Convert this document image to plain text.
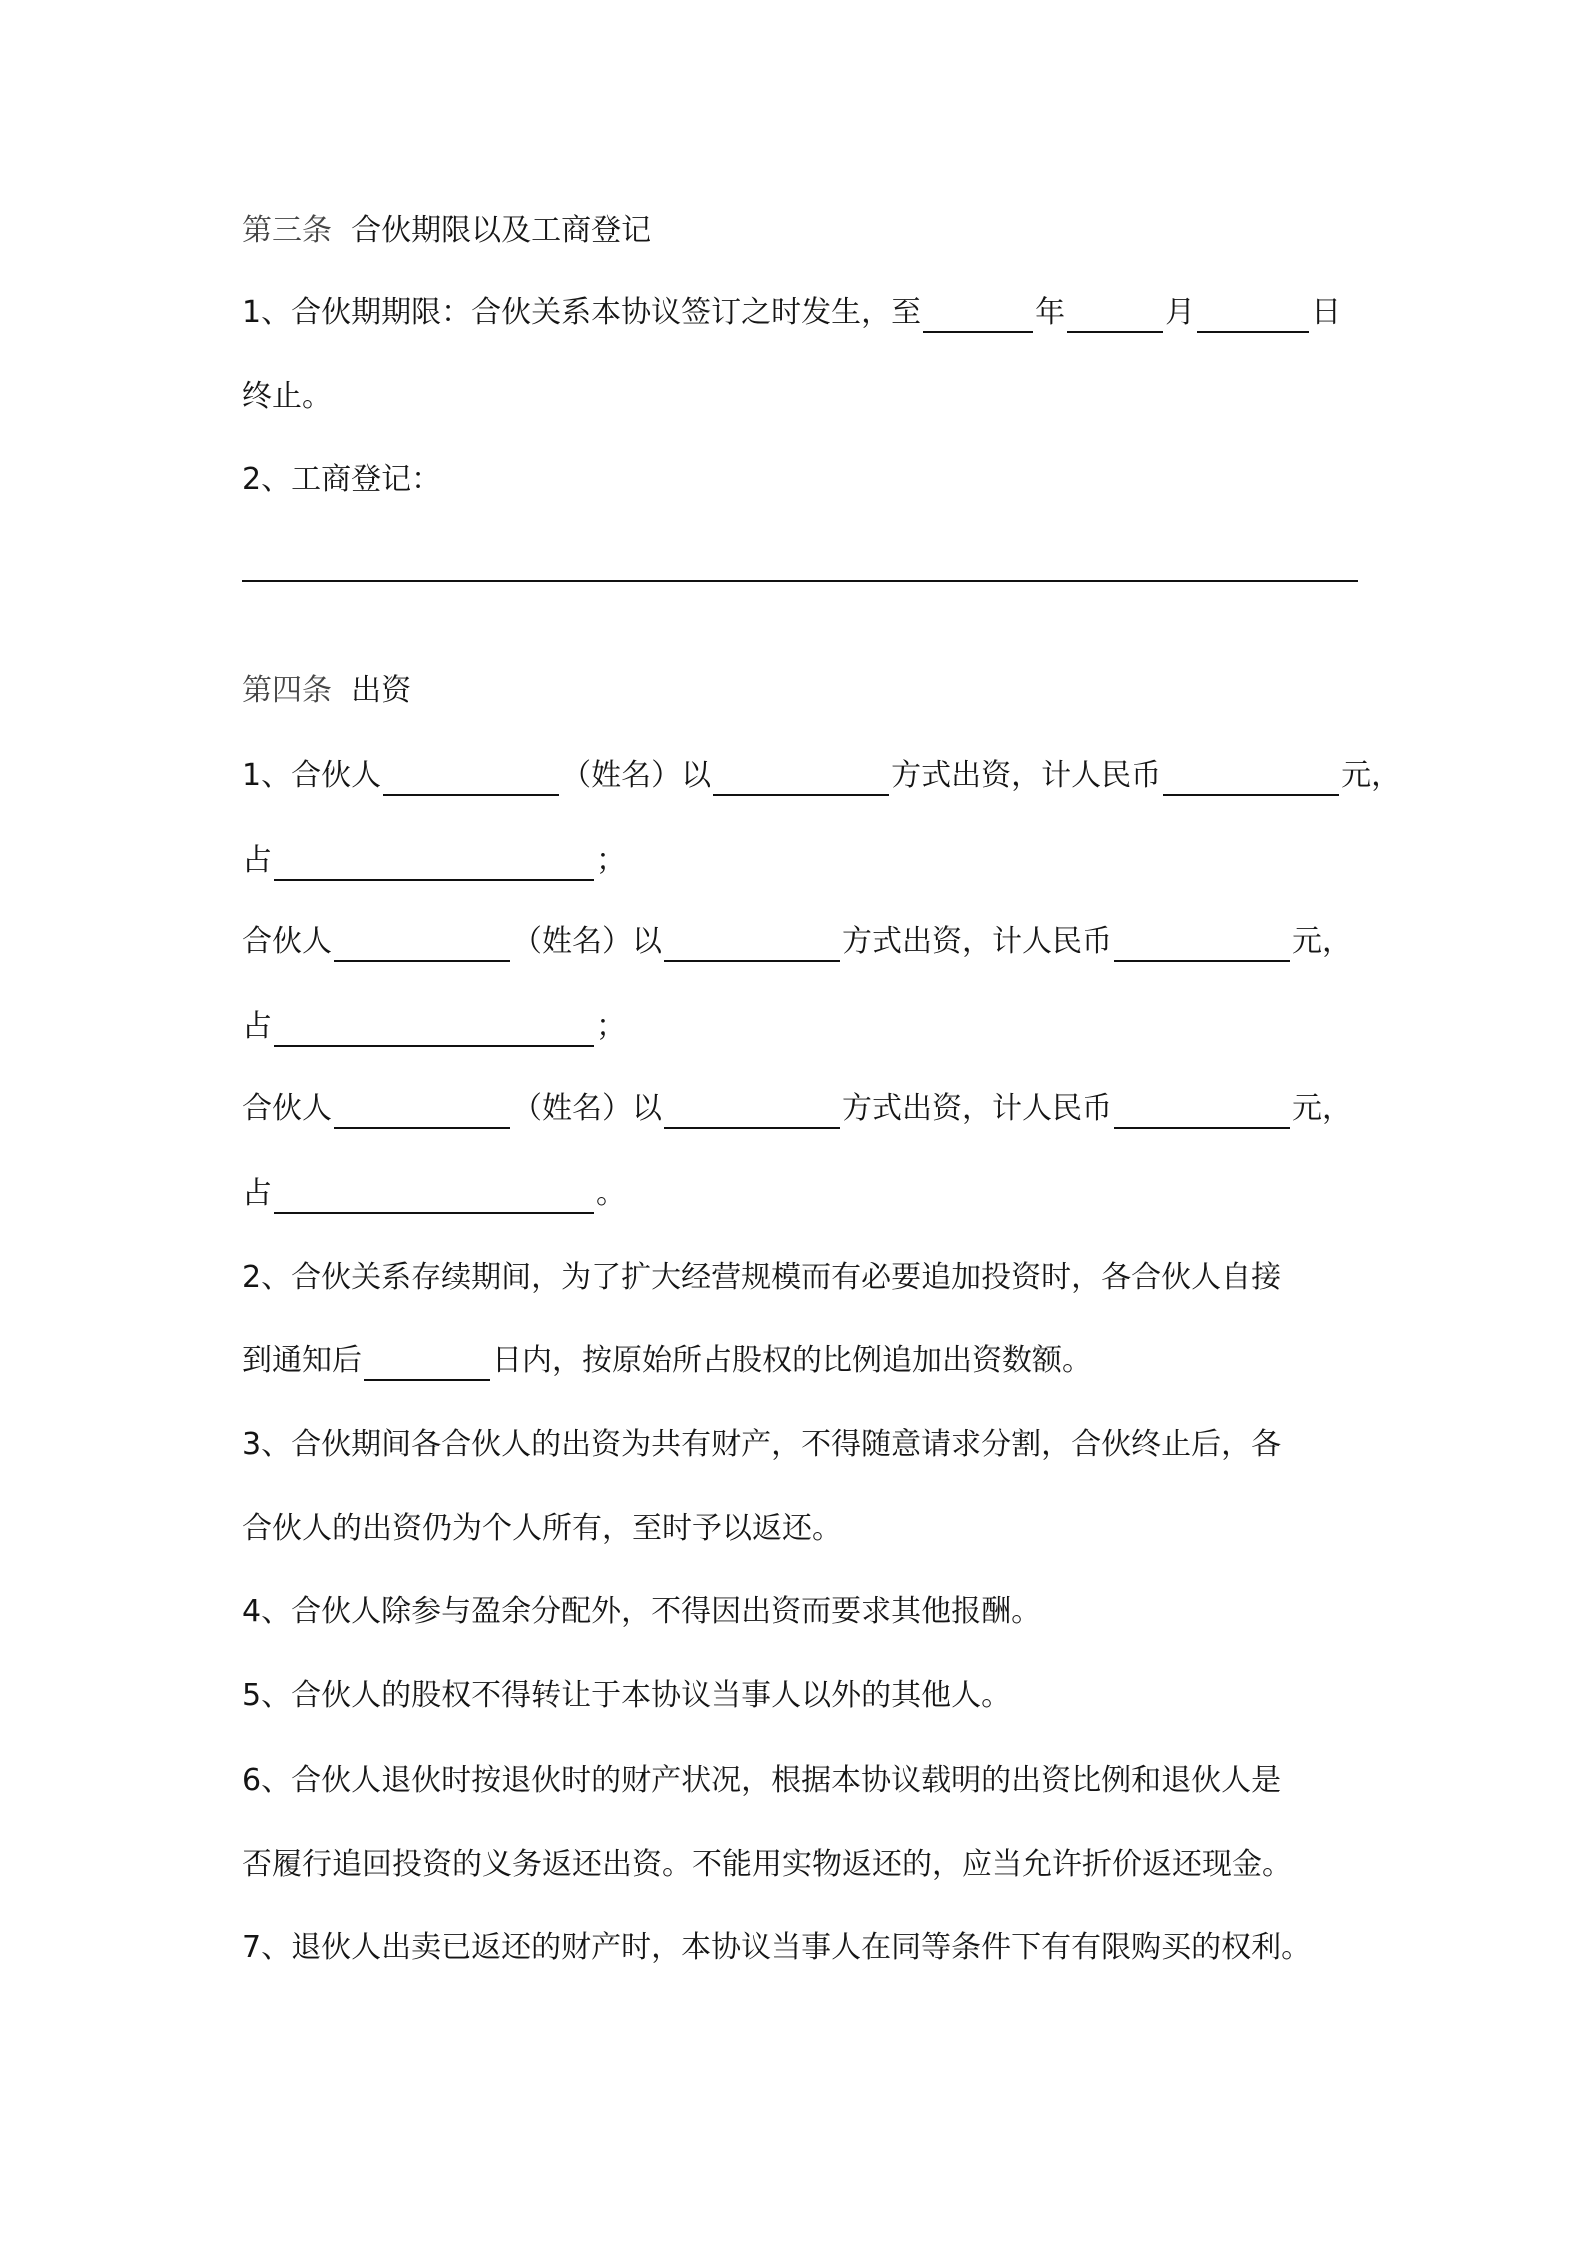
第三条 合伙期限以及工商登记
1、合伙期期限：合伙关系本协议签订之时发生，至	年	月	日
终止。
2、工商登记：
第四条 出资
1、合伙人	（姓名）以	方式出资，计人民币	元，
占	；
合伙人	（姓名）以	方式出资，计人民币	元，
占	；
合伙人	（姓名）以	方式出资，计人民币	元，
占	。
2、合伙关系存续期间，为了扩大经营规模而有必要追加投资时，各合伙人自接
到通知后	日内，按原始所占股权的比例追加出资数额。
3、合伙期间各合伙人的出资为共有财产，不得随意请求分割，合伙终止后，各
合伙人的出资仍为个人所有，至时予以返还。
4、合伙人除参与盈余分配外，不得因出资而要求其他报酬。
5、合伙人的股权不得转让于本协议当事人以外的其他人。
6、合伙人退伙时按退伙时的财产状况，根据本协议载明的出资比例和退伙人是
否履行追回投资的义务返还出资。不能用实物返还的，应当允许折价返还现金。
7、退伙人出卖已返还的财产时，本协议当事人在同等条件下有有限购买的权利。
